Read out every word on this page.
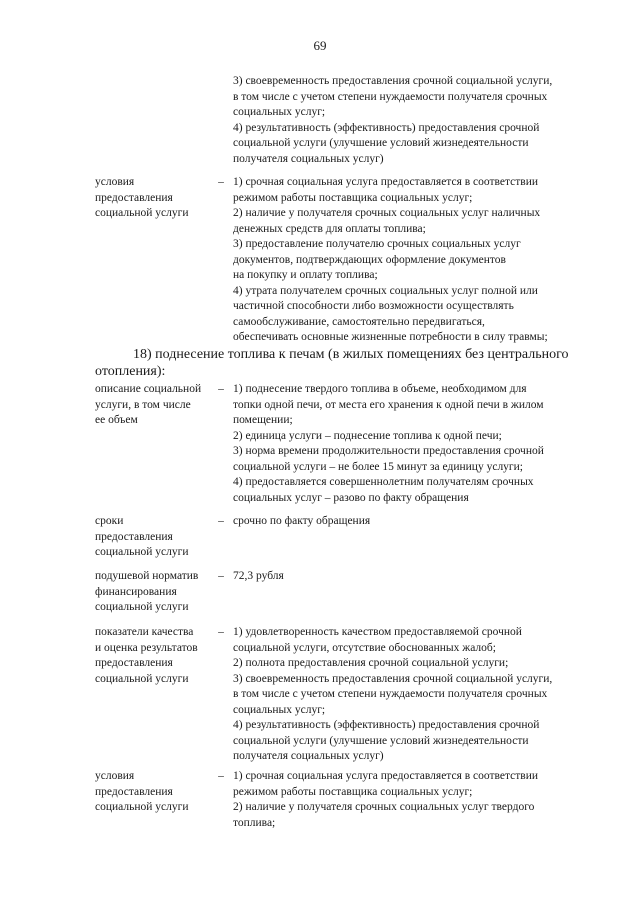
69

3) своевременность предоставления срочной социальной услуги,
в том числе с учетом степени нуждаемости получателя срочных
социальных услуг;

4) результативность (эффективность) предоставления срочной
социальной услуги (улучшение условий жизнедеятельности
получателя социальных услуг)

условия
предоставления
социальной услуги
– 1) срочная социальная услуга предоставляется в соответствии
режимом работы поставщика социальных услуг;

2) наличие у получателя срочных социальных услуг наличных
денежных средств для оплаты топлива;

3) предоставление получателю срочных социальных услуг
документов, подтверждающих оформление документов
на покупку и оплату топлива;

4) утрата получателем срочных социальных услуг полной или
частичной способности либо возможности осуществлять
самообслуживание, самостоятельно передвигаться,
обеспечивать основные жизненные потребности в силу травмы;

18) поднесение топлива к печам (в жилых помещениях без центрального
отопления):
описание социальной
услуги, в том числе
ее объем
– 1) поднесение твердого топлива в объеме, необходимом для
топки одной печи, от места его хранения к одной печи в жилом
помещении;

2) единица услуги – поднесение топлива к одной печи;

3) норма времени продолжительности предоставления срочной
социальной услуги – не более 15 минут за единицу услуги;

4) предоставляется совершеннолетним получателям срочных
социальных услуг – разово по факту обращения

сроки
предоставления
социальной услуги
– срочно по факту обращения

подушевой норматив
финансирования
социальной услуги
– 72,3 рубля

показатели качества
и оценка результатов
предоставления
социальной услуги
– 1) удовлетворенность качеством предоставляемой срочной
социальной услуги, отсутствие обоснованных жалоб;

2) полнота предоставления срочной социальной услуги;

3) своевременность предоставления срочной социальной услуги,
в том числе с учетом степени нуждаемости получателя срочных
социальных услуг;

4) результативность (эффективность) предоставления срочной
социальной услуги (улучшение условий жизнедеятельности
получателя социальных услуг)

условия
предоставления
социальной услуги
– 1) срочная социальная услуга предоставляется в соответствии
режимом работы поставщика социальных услуг;

2) наличие у получателя срочных социальных услуг твердого
топлива;
